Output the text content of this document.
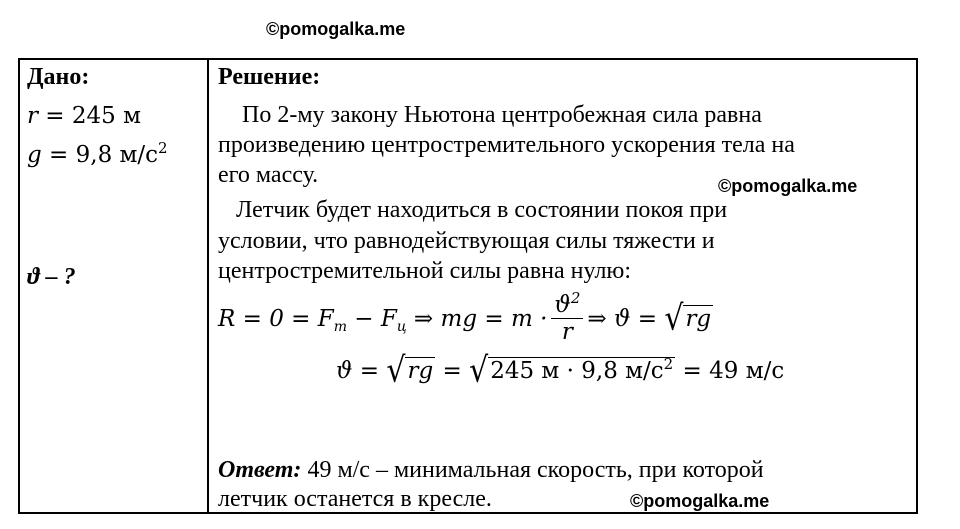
©pomogalka.me
©pomogalka.me
©pomogalka.me
Дано:
r = 245 м
g = 9,8 $м/с^2$
ϑ – ?
Решение:
По 2-му закону Ньютона центробежная сила равна
произведению центростремительного ускорения тела на
его массу.
Летчик будет находиться в состоянии покоя при
условии, что равнодействующая силы тяжести и
центростремительной силы равна нулю:
$R = 0 = F_т - F_ц$ ⇒ mg = $m \cdot \frac{ϑ^2}{r}$ ⇒ ϑ = √rg
ϑ = √rg = √245 м · 9,8 $м/с^2 = 49$ м/с
Ответ: 49 м/с – минимальная скорость, при которой
летчик останется в кресле.
